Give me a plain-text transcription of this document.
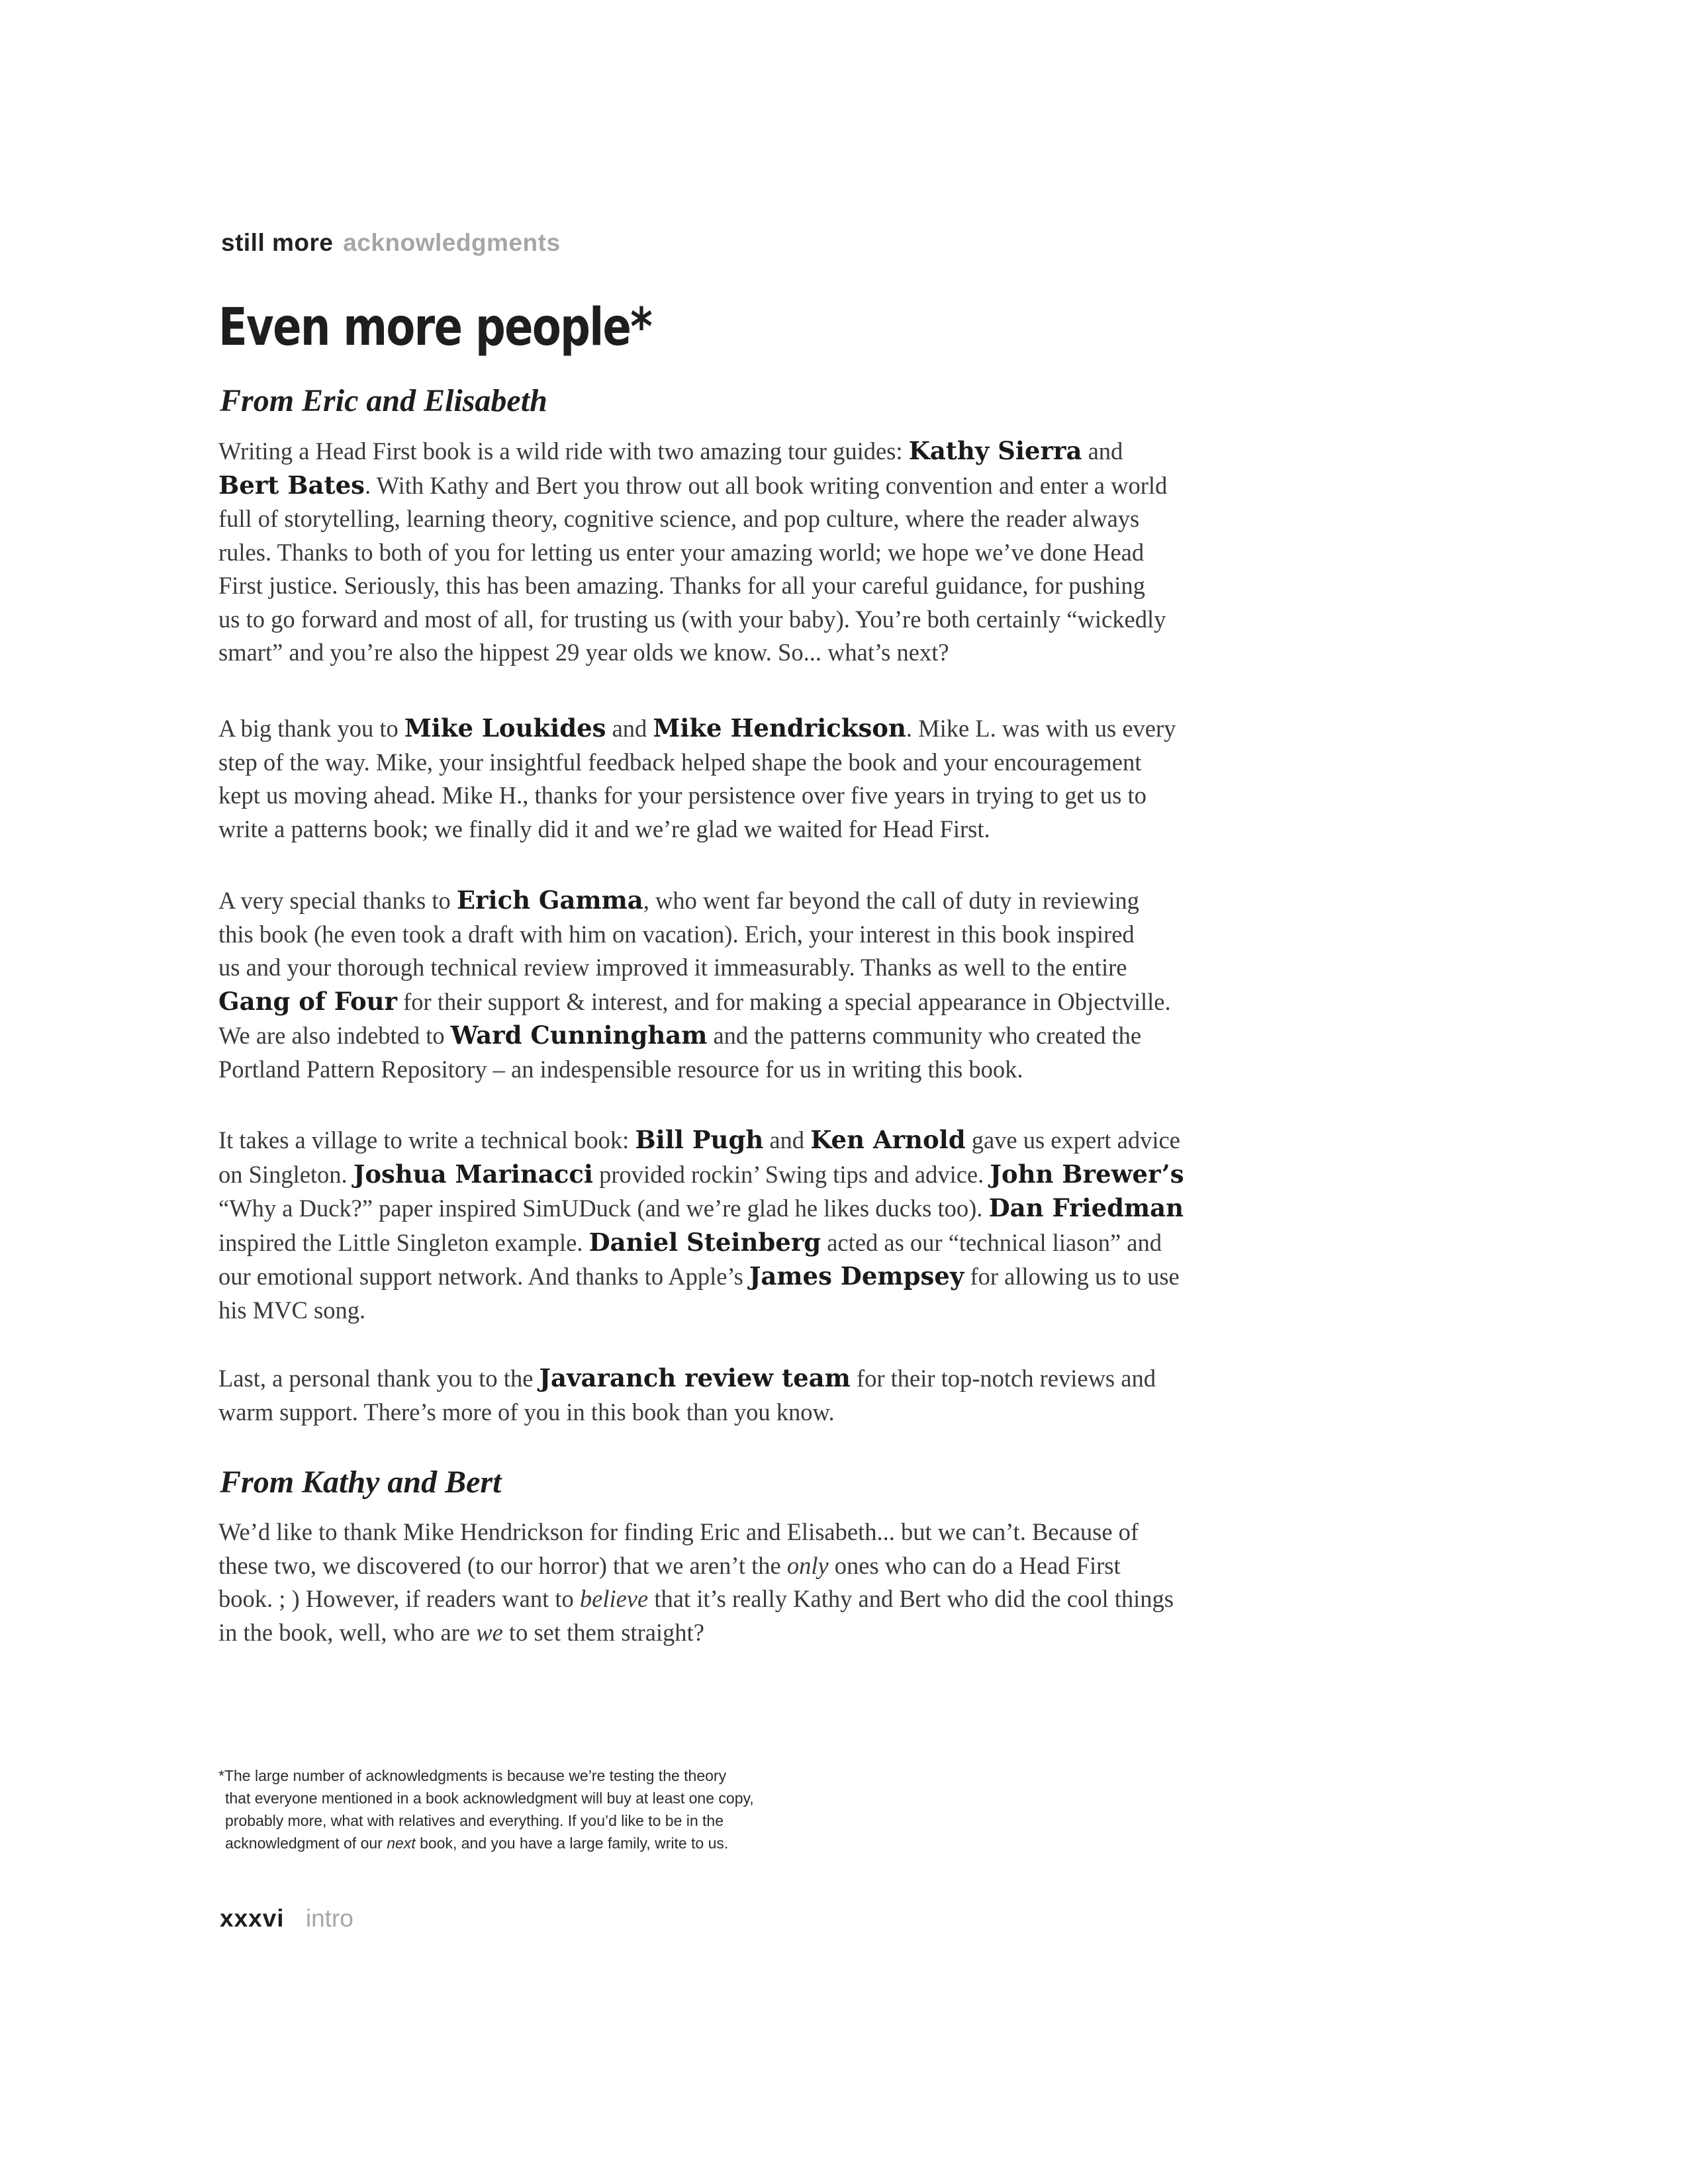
still more acknowledgments
Even more people*
From Eric and Elisabeth

Writing a Head First book is a wild ride with two amazing tour guides: Kathy Sierra and
Bert Bates. With Kathy and Bert you throw out all book writing convention and enter a world
full of storytelling, learning theory, cognitive science, and pop culture, where the reader always
rules. Thanks to both of you for letting us enter your amazing world; we hope we’ve done Head
First justice. Seriously, this has been amazing. Thanks for all your careful guidance, for pushing
us to go forward and most of all, for trusting us (with your baby). You’re both certainly “wickedly
smart” and you’re also the hippest 29 year olds we know. So... what’s next?

A big thank you to Mike Loukides and Mike Hendrickson. Mike L. was with us every
step of the way. Mike, your insightful feedback helped shape the book and your encouragement
kept us moving ahead. Mike H., thanks for your persistence over five years in trying to get us to
write a patterns book; we finally did it and we’re glad we waited for Head First.

A very special thanks to Erich Gamma, who went far beyond the call of duty in reviewing
this book (he even took a draft with him on vacation). Erich, your interest in this book inspired
us and your thorough technical review improved it immeasurably. Thanks as well to the entire
Gang of Four for their support & interest, and for making a special appearance in Objectville.
We are also indebted to Ward Cunningham and the patterns community who created the
Portland Pattern Repository – an indespensible resource for us in writing this book.

It takes a village to write a technical book: Bill Pugh and Ken Arnold gave us expert advice
on Singleton. Joshua Marinacci provided rockin’ Swing tips and advice. John Brewer’s
“Why a Duck?” paper inspired SimUDuck (and we’re glad he likes ducks too). Dan Friedman
inspired the Little Singleton example. Daniel Steinberg acted as our “technical liason” and
our emotional support network. And thanks to Apple’s James Dempsey for allowing us to use
his MVC song.

Last, a personal thank you to the Javaranch review team for their top-notch reviews and
warm support. There’s more of you in this book than you know.

From Kathy and Bert

We’d like to thank Mike Hendrickson for finding Eric and Elisabeth... but we can’t. Because of
these two, we discovered (to our horror) that we aren’t the only ones who can do a Head First
book. ; ) However, if readers want to believe that it’s really Kathy and Bert who did the cool things
in the book, well, who are we to set them straight?

*The large number of acknowledgments is because we’re testing the theory
that everyone mentioned in a book acknowledgment will buy at least one copy,
probably more, what with relatives and everything. If you’d like to be in the
acknowledgment of our next book, and you have a large family, write to us.
xxxvi intro
